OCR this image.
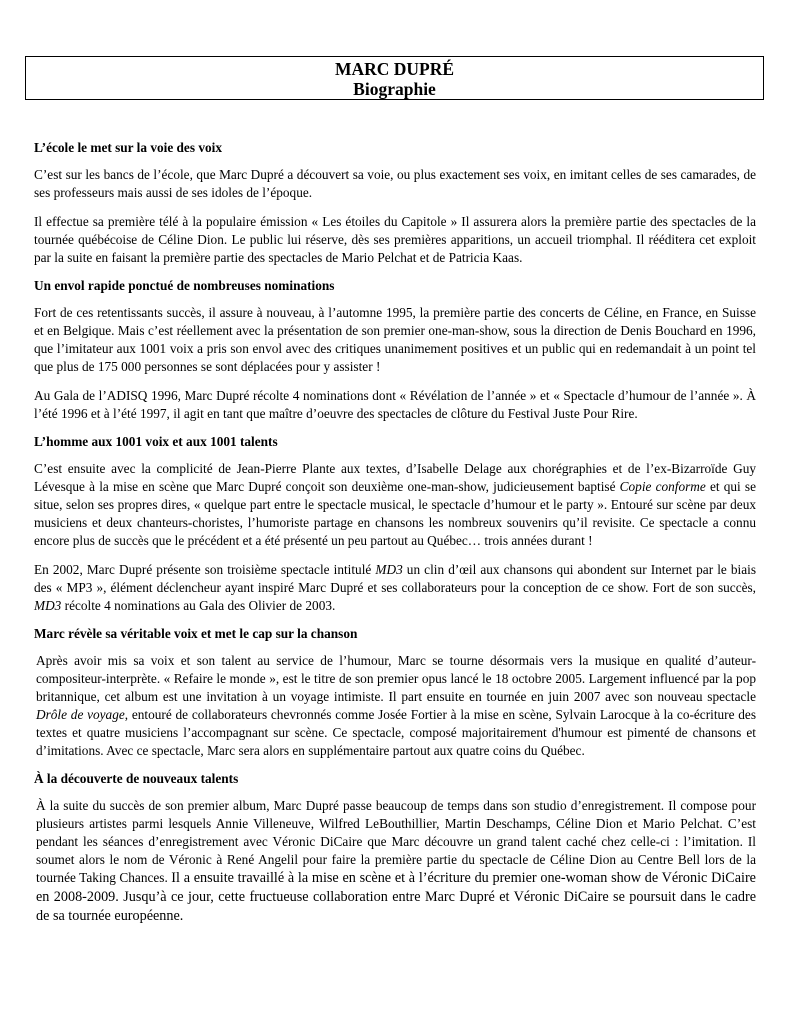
MARC DUPRÉ
Biographie
L’école le met sur la voie des voix

C’est sur les bancs de l’école, que Marc Dupré a découvert sa voie, ou plus exactement ses voix, en imitant celles de ses camarades, de ses professeurs mais aussi de ses idoles de l’époque.

Il effectue sa première télé à la populaire émission « Les étoiles du Capitole » Il assurera alors la première partie des spectacles de la tournée québécoise de Céline Dion. Le public lui réserve, dès ses premières apparitions, un accueil triomphal. Il rééditera cet exploit par la suite en faisant la première partie des spectacles de Mario Pelchat et de Patricia Kaas.

Un envol rapide ponctué de nombreuses nominations

Fort de ces retentissants succès, il assure à nouveau, à l’automne 1995, la première partie des concerts de Céline, en France, en Suisse et en Belgique. Mais c’est réellement avec la présentation de son premier one-man-show, sous la direction de Denis Bouchard en 1996, que l’imitateur aux 1001 voix a pris son envol avec des critiques unanimement positives et un public qui en redemandait à un point tel que plus de 175 000 personnes se sont déplacées pour y assister !

Au Gala de l’ADISQ 1996, Marc Dupré récolte 4 nominations dont « Révélation de l’année » et « Spectacle d’humour de l’année ». À l’été 1996 et à l’été 1997, il agit en tant que maître d’oeuvre des spectacles de clôture du Festival Juste Pour Rire.

L’homme aux 1001 voix et aux 1001 talents

C’est ensuite avec la complicité de Jean-Pierre Plante aux textes, d’Isabelle Delage aux chorégraphies et de l’ex-Bizarroïde Guy Lévesque à la mise en scène que Marc Dupré conçoit son deuxième one-man-show, judicieusement baptisé Copie conforme et qui se situe, selon ses propres dires, « quelque part entre le spectacle musical, le spectacle d’humour et le party ». Entouré sur scène par deux musiciens et deux chanteurs-choristes, l’humoriste partage en chansons les nombreux souvenirs qu’il revisite. Ce spectacle a connu encore plus de succès que le précédent et a été présenté un peu partout au Québec… trois années durant !

En 2002, Marc Dupré présente son troisième spectacle intitulé MD3 un clin d’œil aux chansons qui abondent sur Internet par le biais des « MP3 », élément déclencheur ayant inspiré Marc Dupré et ses collaborateurs pour la conception de ce show. Fort de son succès, MD3 récolte 4 nominations au Gala des Olivier de 2003.

Marc révèle sa véritable voix et met le cap sur la chanson

Après avoir mis sa voix et son talent au service de l’humour, Marc se tourne désormais vers la musique en qualité d’auteur-compositeur-interprète. « Refaire le monde », est le titre de son premier opus lancé le 18 octobre 2005. Largement influencé par la pop britannique, cet album est une invitation à un voyage intimiste. Il part ensuite en tournée en juin 2007 avec son nouveau spectacle Drôle de voyage, entouré de collaborateurs chevronnés comme Josée Fortier à la mise en scène, Sylvain Larocque à la co-écriture des textes et quatre musiciens l’accompagnant sur scène. Ce spectacle, composé majoritairement d'humour est pimenté de chansons et d’imitations. Avec ce spectacle, Marc sera alors en supplémentaire partout aux quatre coins du Québec.

À la découverte de nouveaux talents

À la suite du succès de son premier album, Marc Dupré passe beaucoup de temps dans son studio d’enregistrement. Il compose pour plusieurs artistes parmi lesquels Annie Villeneuve, Wilfred LeBouthillier, Martin Deschamps, Céline Dion et Mario Pelchat. C’est pendant les séances d’enregistrement avec Véronic DiCaire que Marc découvre un grand talent caché chez celle-ci : l’imitation. Il soumet alors le nom de Véronic à René Angelil pour faire la première partie du spectacle de Céline Dion au Centre Bell lors de la tournée Taking Chances. Il a ensuite travaillé à la mise en scène et à l’écriture du premier one-woman show de Véronic DiCaire en 2008-2009. Jusqu’à ce jour, cette fructueuse collaboration entre Marc Dupré et Véronic DiCaire se poursuit dans le cadre de sa tournée européenne.
